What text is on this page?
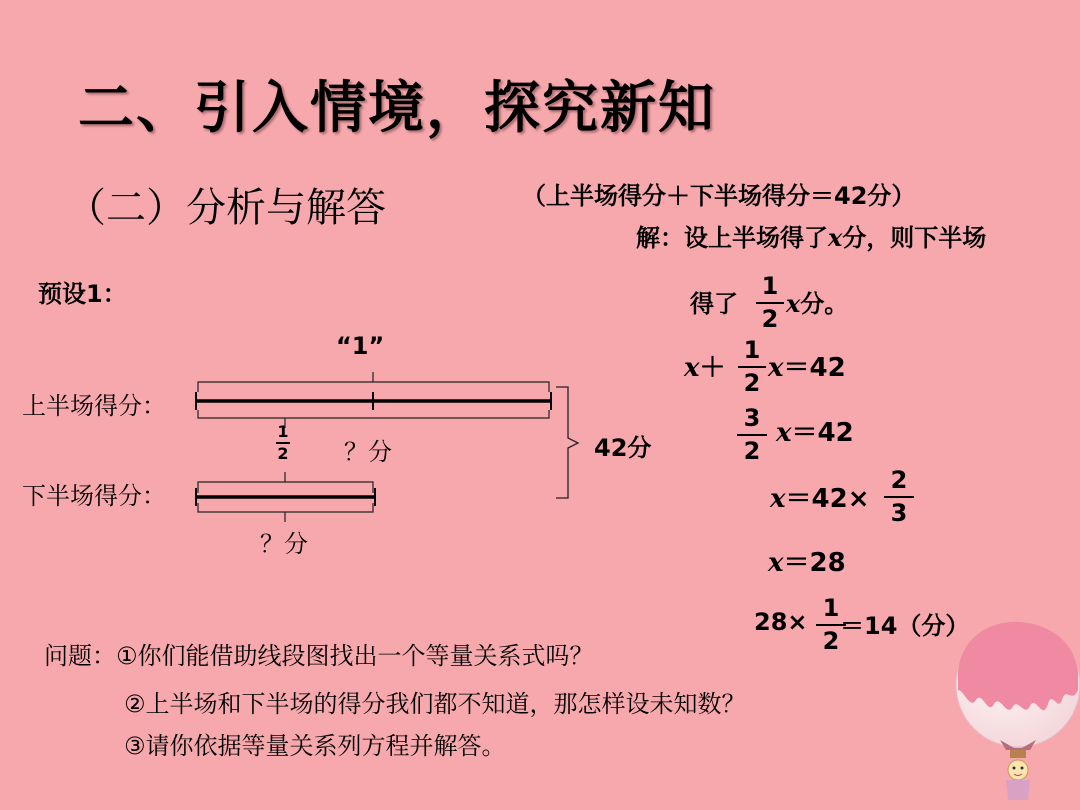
二、引入情境，探究新知
（二）分析与解答	（上半场得分＋下半场得分＝42分）
解：设上半场得了x分，则下半场
得了
1
2
x分。
x＋
1
2 x＝42
3
2
x＝42
x＝42×
2
3
x＝28
28× 1
2
＝14（分）
预设1：
“1”
上半场得分：
下半场得分：
42分
？分
？分
1
2
问题：①你们能借助线段图找出一个等量关系式吗？
②上半场和下半场的得分我们都不知道，那怎样设未知数？
③请你依据等量关系列方程并解答。
